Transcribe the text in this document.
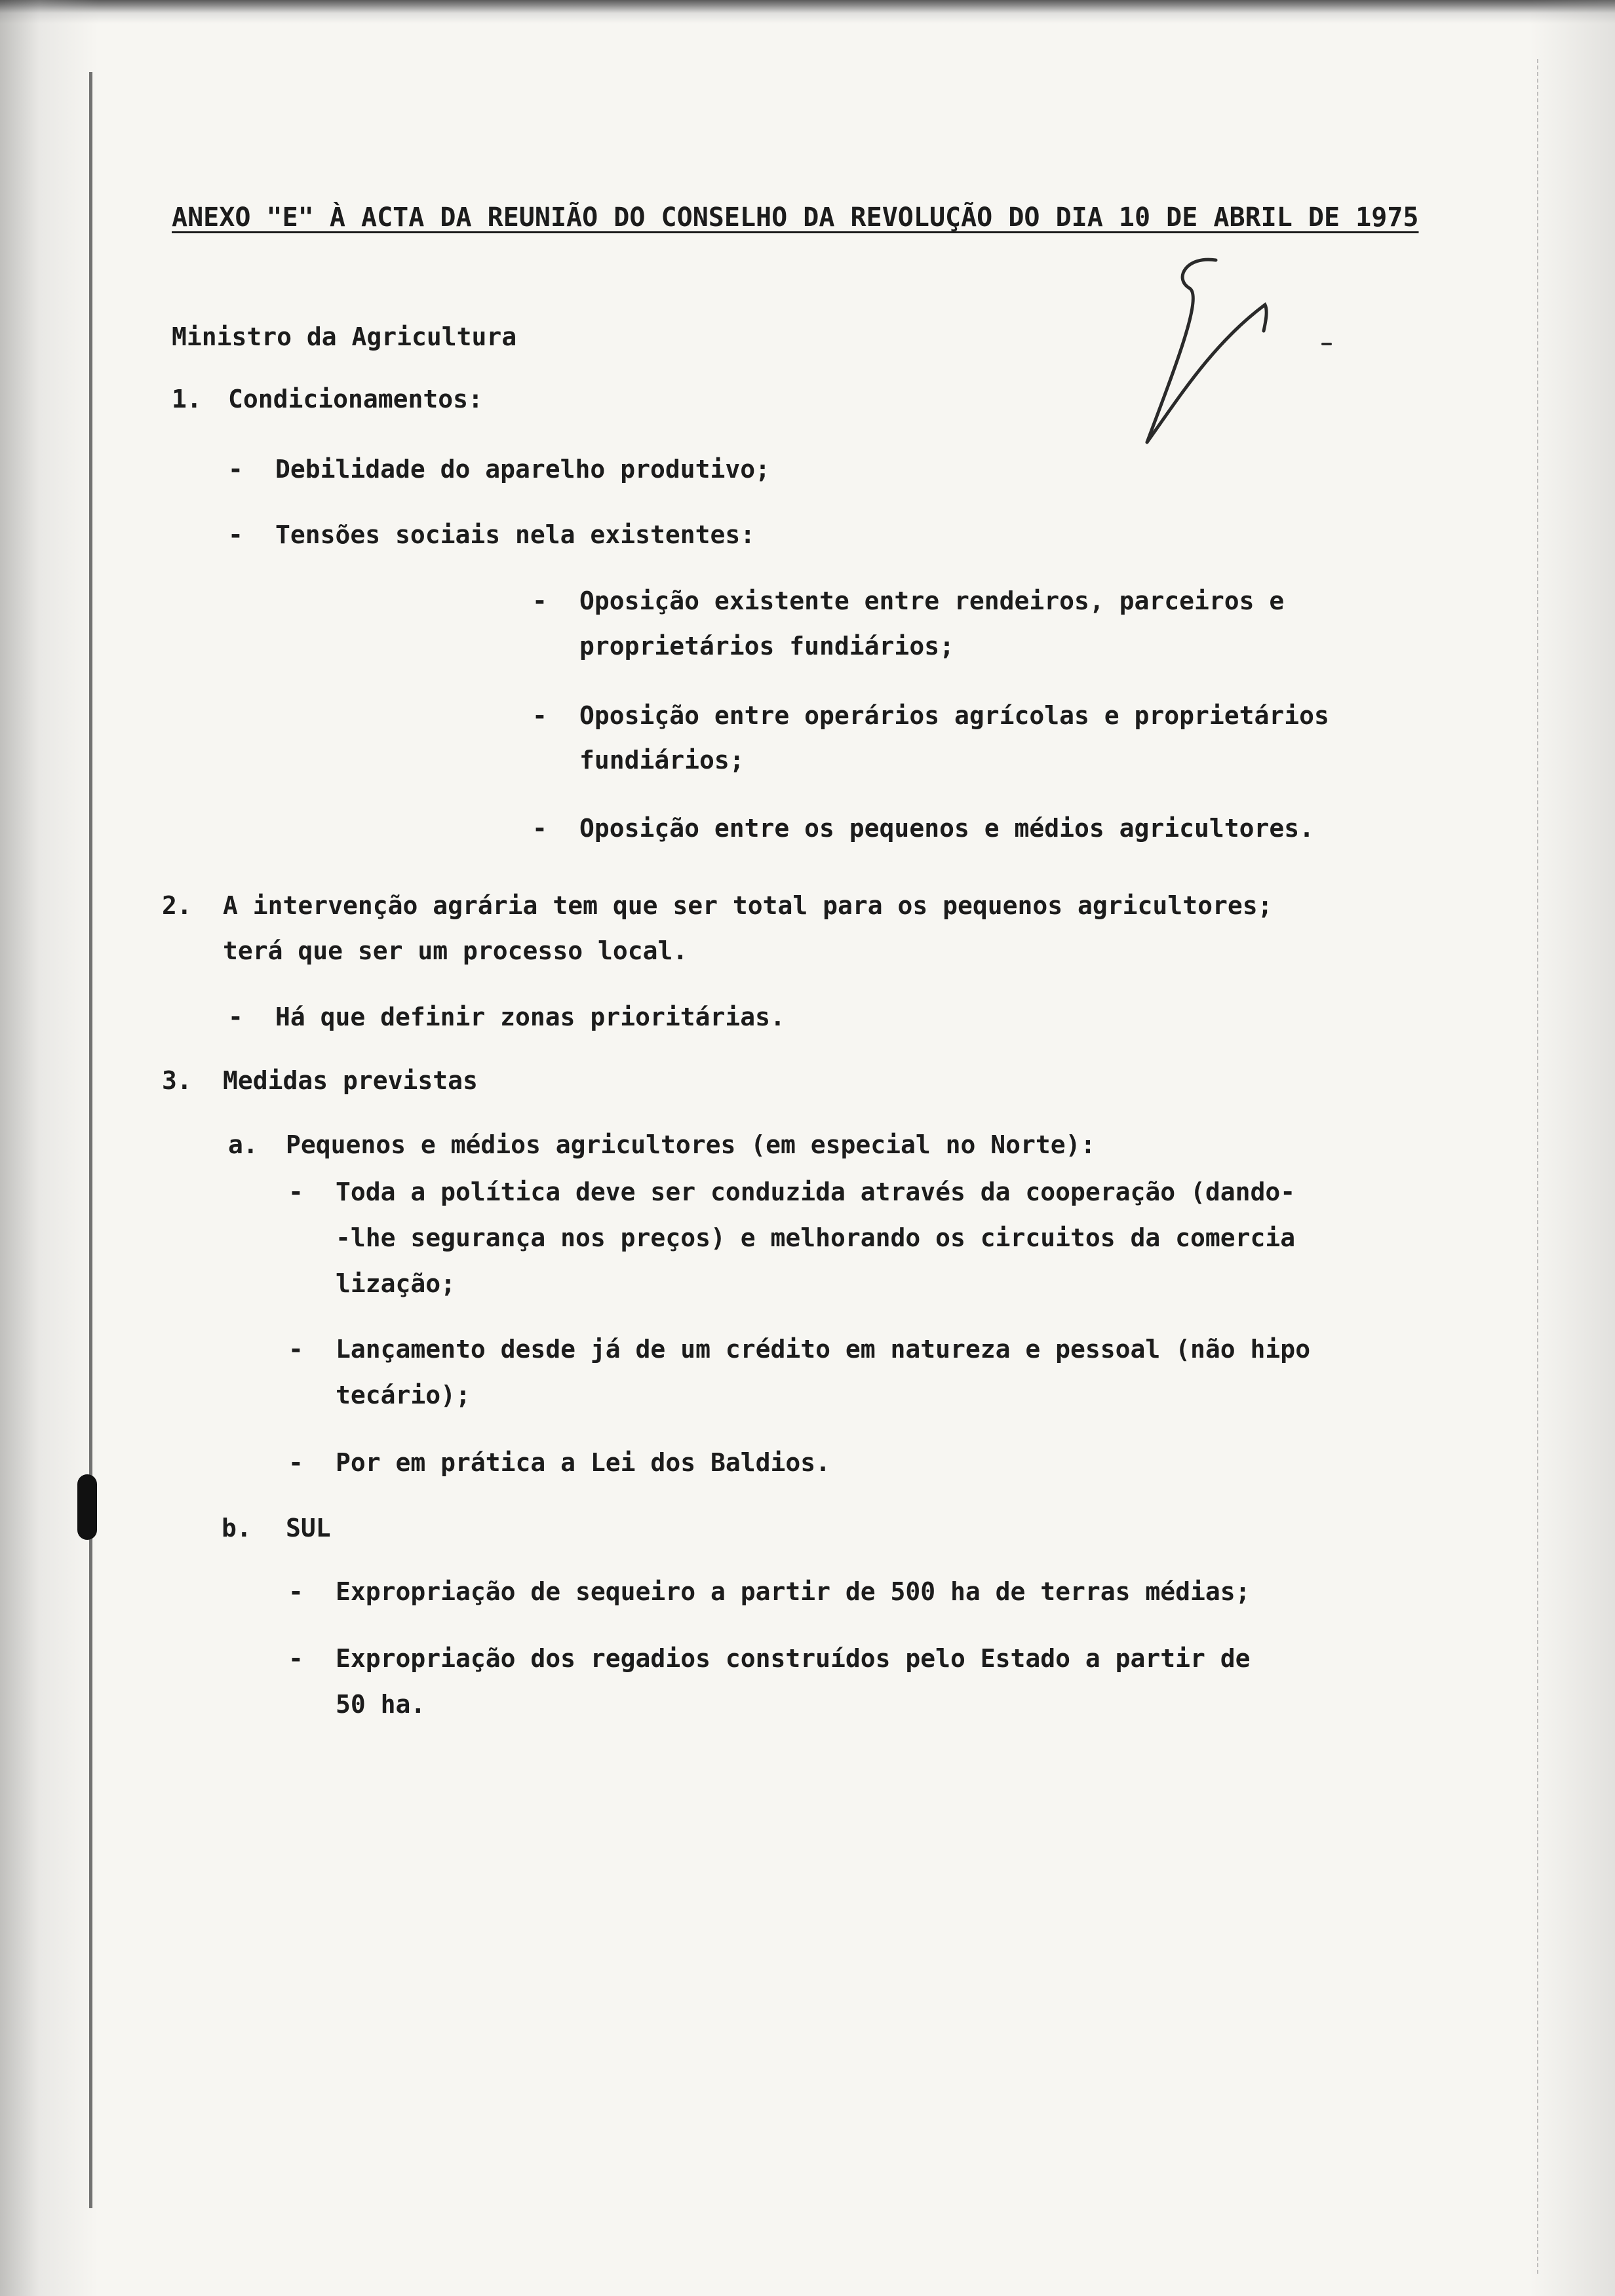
ANEXO "E" À ACTA DA REUNIÃO DO CONSELHO DA REVOLUÇÃO DO DIA 10 DE ABRIL DE 1975
Ministro da Agricultura
1. Condicionamentos:
- Debilidade do aparelho produtivo;
- Tensões sociais nela existentes:
- Oposição existente entre rendeiros, parceiros e
proprietários fundiários;
- Oposição entre operários agrícolas e proprietários
fundiários;
- Oposição entre os pequenos e médios agricultores.
2. A intervenção agrária tem que ser total para os pequenos agricultores;
terá que ser um processo local.
- Há que definir zonas prioritárias.
3. Medidas previstas
a. Pequenos e médios agricultores (em especial no Norte):
- Toda a política deve ser conduzida através da cooperação (dando-
-lhe segurança nos preços) e melhorando os circuitos da comercia
lização;
- Lançamento desde já de um crédito em natureza e pessoal (não hipo
tecário);
- Por em prática a Lei dos Baldios.
b. SUL
- Expropriação de sequeiro a partir de 500 ha de terras médias;
- Expropriação dos regadios construídos pelo Estado a partir de
50 ha.
